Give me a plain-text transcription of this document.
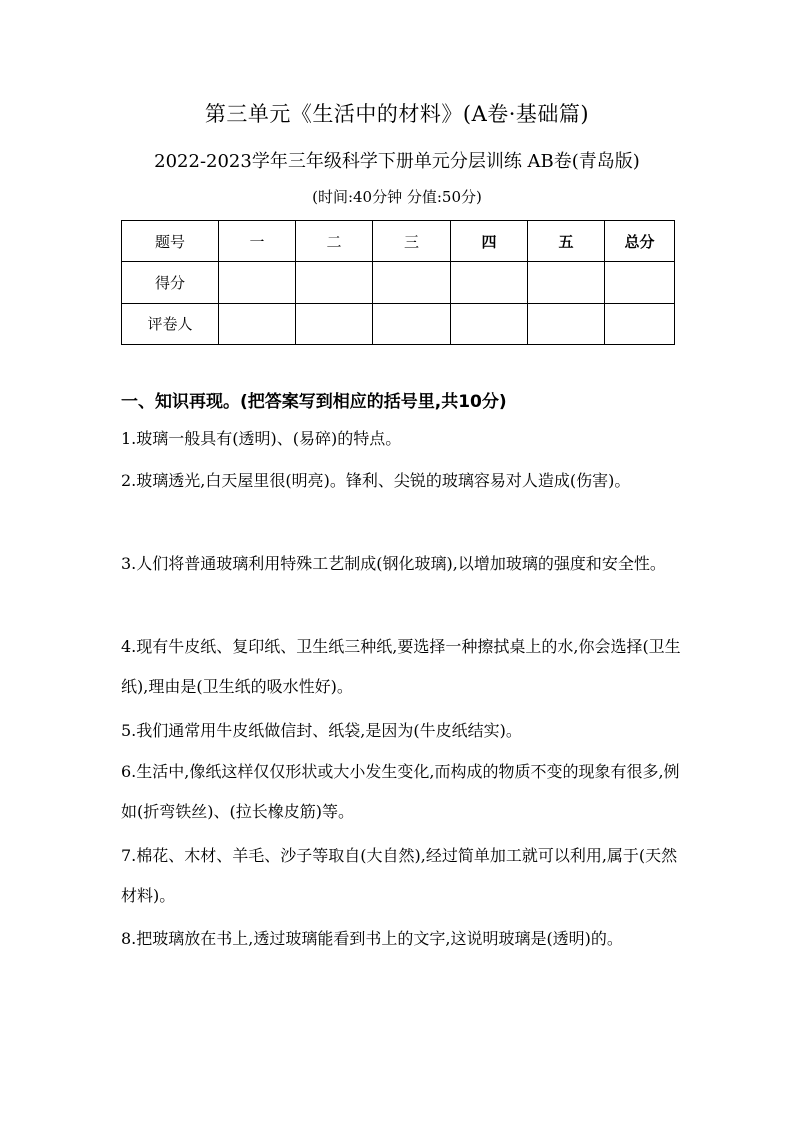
第三单元《生活中的材料》(A卷·基础篇)
2022-2023学年三年级科学下册单元分层训练 AB卷(青岛版)
(时间:40分钟 分值:50分)
题号	一	二	三	四	五	总分
得分						
评卷人						
一、知识再现。(把答案写到相应的括号里,共10分)
1.玻璃一般具有(透明)、(易碎)的特点。
2.玻璃透光,白天屋里很(明亮)。锋利、尖锐的玻璃容易对人造成(伤害)。
3.人们将普通玻璃利用特殊工艺制成(钢化玻璃),以增加玻璃的强度和安全性。
4.现有牛皮纸、复印纸、卫生纸三种纸,要选择一种擦拭桌上的水,你会选择(卫生纸),理由是(卫生纸的吸水性好)。
5.我们通常用牛皮纸做信封、纸袋,是因为(牛皮纸结实)。
6.生活中,像纸这样仅仅形状或大小发生变化,而构成的物质不变的现象有很多,例如(折弯铁丝)、(拉长橡皮筋)等。
7.棉花、木材、羊毛、沙子等取自(大自然),经过简单加工就可以利用,属于(天然材料)。
8.把玻璃放在书上,透过玻璃能看到书上的文字,这说明玻璃是(透明)的。
